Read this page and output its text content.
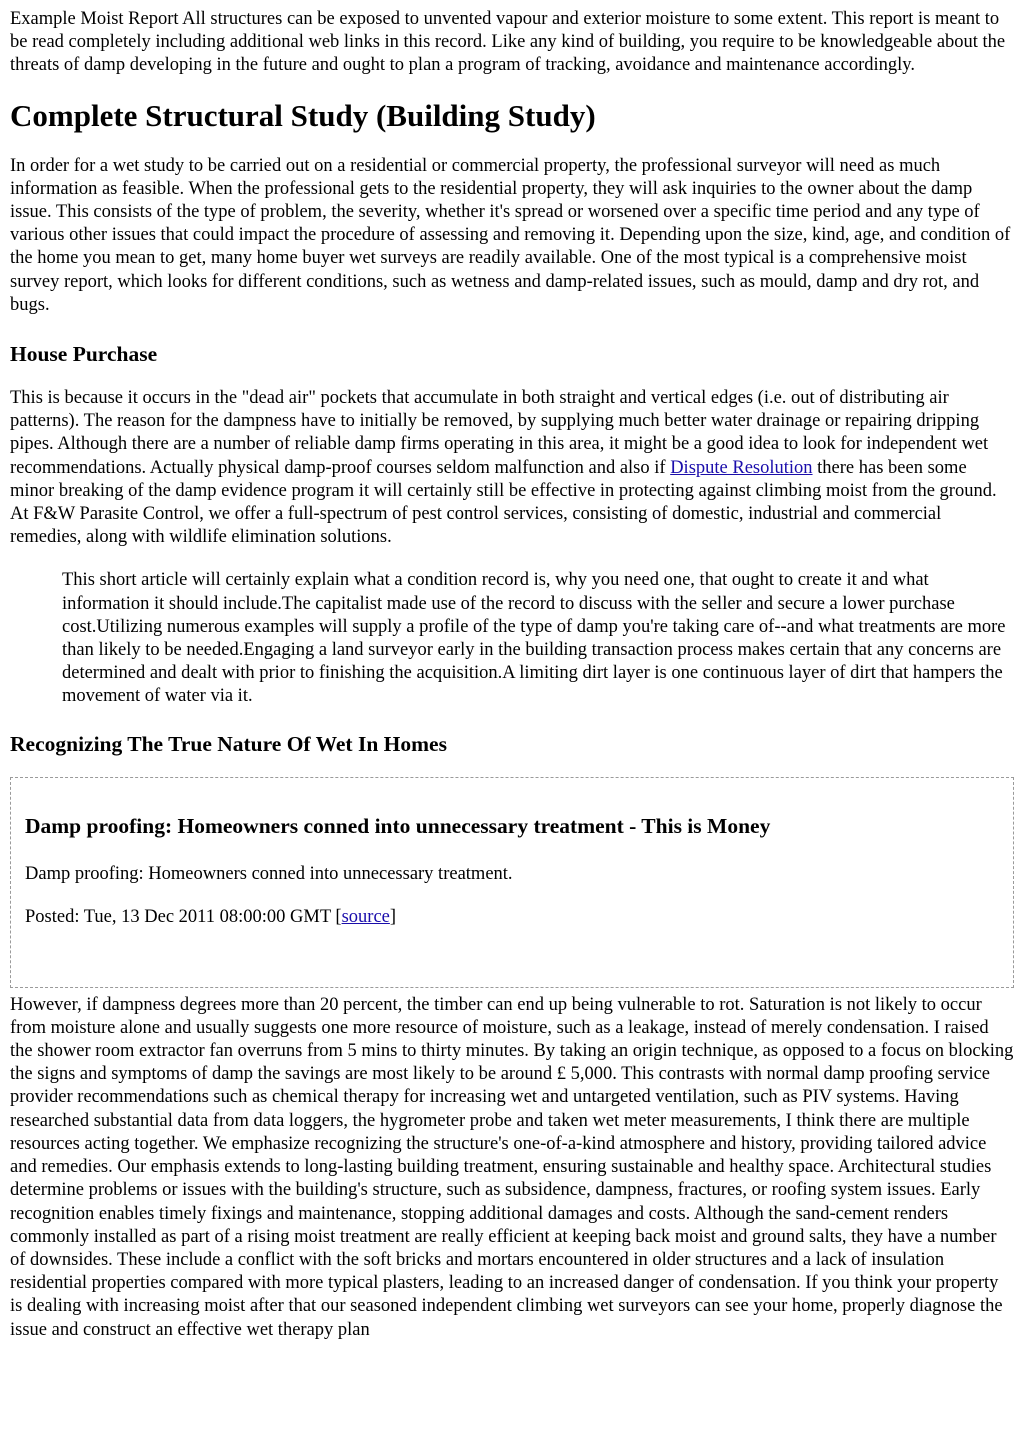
Example Moist Report All structures can be exposed to unvented vapour and exterior moisture to some extent. This report is meant to be read completely including additional web links in this record. Like any kind of building, you require to be knowledgeable about the threats of damp developing in the future and ought to plan a program of tracking, avoidance and maintenance accordingly.

Complete Structural Study (Building Study)

In order for a wet study to be carried out on a residential or commercial property, the professional surveyor will need as much information as feasible. When the professional gets to the residential property, they will ask inquiries to the owner about the damp issue. This consists of the type of problem, the severity, whether it's spread or worsened over a specific time period and any type of various other issues that could impact the procedure of assessing and removing it. Depending upon the size, kind, age, and condition of the home you mean to get, many home buyer wet surveys are readily available. One of the most typical is a comprehensive moist survey report, which looks for different conditions, such as wetness and damp-related issues, such as mould, damp and dry rot, and bugs.

House Purchase

This is because it occurs in the "dead air" pockets that accumulate in both straight and vertical edges (i.e. out of distributing air patterns). The reason for the dampness have to initially be removed, by supplying much better water drainage or repairing dripping pipes. Although there are a number of reliable damp firms operating in this area, it might be a good idea to look for independent wet recommendations. Actually physical damp-proof courses seldom malfunction and also if Dispute Resolution there has been some minor breaking of the damp evidence program it will certainly still be effective in protecting against climbing moist from the ground. At F&W Parasite Control, we offer a full-spectrum of pest control services, consisting of domestic, industrial and commercial remedies, along with wildlife elimination solutions.

This short article will certainly explain what a condition record is, why you need one, that ought to create it and what information it should include.The capitalist made use of the record to discuss with the seller and secure a lower purchase cost.Utilizing numerous examples will supply a profile of the type of damp you're taking care of--and what treatments are more than likely to be needed.Engaging a land surveyor early in the building transaction process makes certain that any concerns are determined and dealt with prior to finishing the acquisition.A limiting dirt layer is one continuous layer of dirt that hampers the movement of water via it.

Recognizing The True Nature Of Wet In Homes
Damp proofing: Homeowners conned into unnecessary treatment - This is Money

Damp proofing: Homeowners conned into unnecessary treatment.

Posted: Tue, 13 Dec 2011 08:00:00 GMT [source]

However, if dampness degrees more than 20 percent, the timber can end up being vulnerable to rot. Saturation is not likely to occur from moisture alone and usually suggests one more resource of moisture, such as a leakage, instead of merely condensation. I raised the shower room extractor fan overruns from 5 mins to thirty minutes. By taking an origin technique, as opposed to a focus on blocking the signs and symptoms of damp the savings are most likely to be around £ 5,000. This contrasts with normal damp proofing service provider recommendations such as chemical therapy for increasing wet and untargeted ventilation, such as PIV systems. Having researched substantial data from data loggers, the hygrometer probe and taken wet meter measurements, I think there are multiple resources acting together. We emphasize recognizing the structure's one-of-a-kind atmosphere and history, providing tailored advice and remedies. Our emphasis extends to long-lasting building treatment, ensuring sustainable and healthy space. Architectural studies determine problems or issues with the building's structure, such as subsidence, dampness, fractures, or roofing system issues. Early recognition enables timely fixings and maintenance, stopping additional damages and costs. Although the sand-cement renders commonly installed as part of a rising moist treatment are really efficient at keeping back moist and ground salts, they have a number of downsides. These include a conflict with the soft bricks and mortars encountered in older structures and a lack of insulation residential properties compared with more typical plasters, leading to an increased danger of condensation. If you think your property is dealing with increasing moist after that our seasoned independent climbing wet surveyors can see your home, properly diagnose the issue and construct an effective wet therapy plan
